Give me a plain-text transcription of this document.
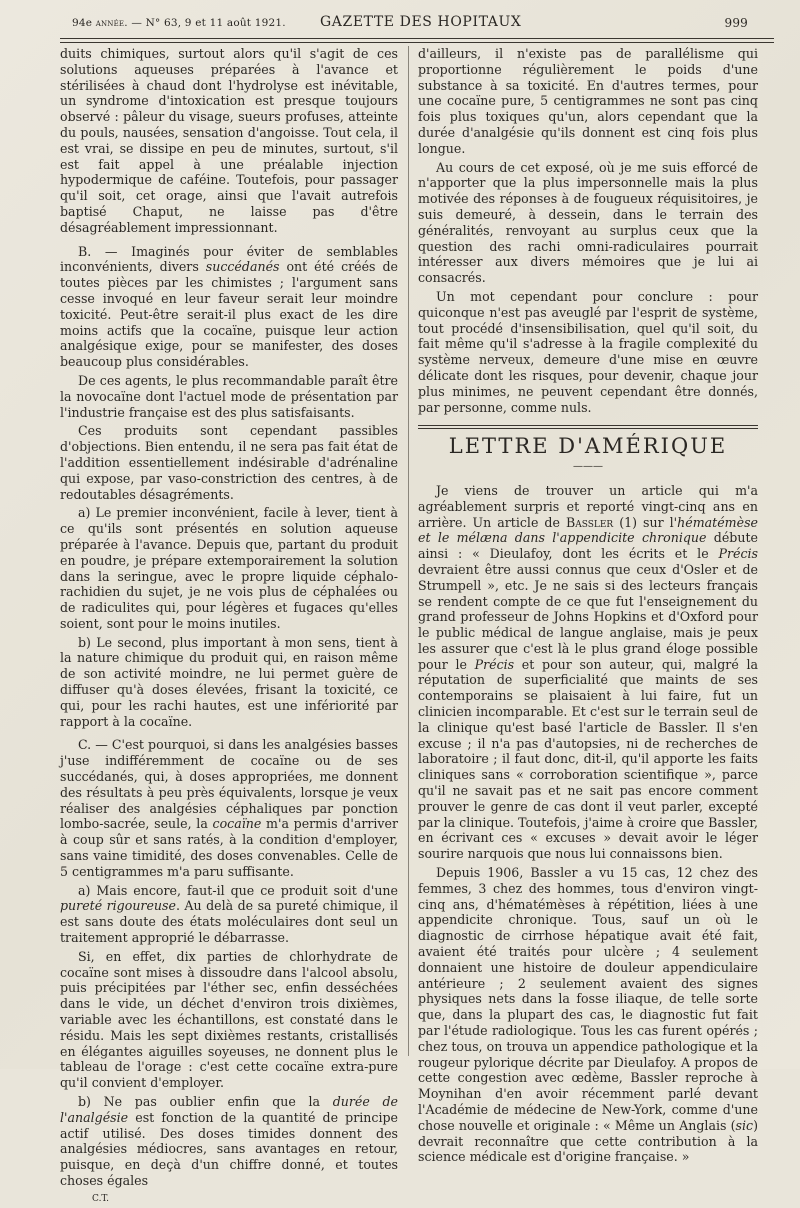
94e année. — N° 63, 9 et 11 août 1921. GAZETTE DES HOPITAUX	999

duits chimiques, surtout alors qu'il s'agit de ces solutions aqueuses préparées à l'avance et stérilisées à chaud dont l'hydrolyse est inévitable, un syndrome d'intoxication est presque toujours observé : pâleur du visage, sueurs profuses, atteinte du pouls, nausées, sensation d'angoisse. Tout cela, il est vrai, se dissipe en peu de minutes, surtout, s'il est fait appel à une préalable injection hypodermique de caféine. Toutefois, pour passager qu'il soit, cet orage, ainsi que l'avait autrefois baptisé Chaput, ne laisse pas d'être désagréablement impressionnant.

B. — Imaginés pour éviter de semblables inconvénients, divers succédanés ont été créés de toutes pièces par les chimistes ; l'argument sans cesse invoqué en leur faveur serait leur moindre toxicité. Peut-être serait-il plus exact de les dire moins actifs que la cocaïne, puisque leur action analgésique exige, pour se manifester, des doses beaucoup plus considérables.

De ces agents, le plus recommandable paraît être la novocaïne dont l'actuel mode de présentation par l'industrie française est des plus satisfaisants.

Ces produits sont cependant passibles d'objections. Bien entendu, il ne sera pas fait état de l'addition essentiellement indésirable d'adrénaline qui expose, par vaso-constriction des centres, à de redoutables désagréments.

a) Le premier inconvénient, facile à lever, tient à ce qu'ils sont présentés en solution aqueuse préparée à l'avance. Depuis que, partant du produit en poudre, je prépare extemporairement la solution dans la seringue, avec le propre liquide céphalo-rachidien du sujet, je ne vois plus de céphalées ou de radiculites qui, pour légères et fugaces qu'elles soient, sont pour le moins inutiles.

b) Le second, plus important à mon sens, tient à la nature chimique du produit qui, en raison même de son activité moindre, ne lui permet guère de diffuser qu'à doses élevées, frisant la toxicité, ce qui, pour les rachi hautes, est une infériorité par rapport à la cocaïne.

C. — C'est pourquoi, si dans les analgésies basses j'use indifféremment de cocaïne ou de ses succédanés, qui, à doses appropriées, me donnent des résultats à peu près équivalents, lorsque je veux réaliser des analgésies céphaliques par ponction lombo-sacrée, seule, la cocaïne m'a permis d'arriver à coup sûr et sans ratés, à la condition d'employer, sans vaine timidité, des doses convenables. Celle de 5 centigrammes m'a paru suffisante.

a) Mais encore, faut-il que ce produit soit d'une pureté rigoureuse. Au delà de sa pureté chimique, il est sans doute des états moléculaires dont seul un traitement approprié le débarrasse.

Si, en effet, dix parties de chlorhydrate de cocaïne sont mises à dissoudre dans l'alcool absolu, puis précipitées par l'éther sec, enfin desséchées dans le vide, un déchet d'environ trois dixièmes, variable avec les échantillons, est constaté dans le résidu. Mais les sept dixièmes restants, cristallisés en élégantes aiguilles soyeuses, ne donnent plus le tableau de l'orage : c'est cette cocaïne extra-pure qu'il convient d'employer.

b) Ne pas oublier enfin que la durée de l'analgésie est fonction de la quantité de principe actif utilisé. Des doses timides donnent des analgésies médiocres, sans avantages en retour, puisque, en deçà d'un chiffre donné, et toutes choses égales

C.T.

d'ailleurs, il n'existe pas de parallélisme qui proportionne régulièrement le poids d'une substance à sa toxicité. En d'autres termes, pour une cocaïne pure, 5 centigrammes ne sont pas cinq fois plus toxiques qu'un, alors cependant que la durée d'analgésie qu'ils donnent est cinq fois plus longue.

Au cours de cet exposé, où je me suis efforcé de n'apporter que la plus impersonnelle mais la plus motivée des réponses à de fougueux réquisitoires, je suis demeuré, à dessein, dans le terrain des généralités, renvoyant au surplus ceux que la question des rachi omni-radiculaires pourrait intéresser aux divers mémoires que je lui ai consacrés.

Un mot cependant pour conclure : pour quiconque n'est pas aveuglé par l'esprit de système, tout procédé d'insensibilisation, quel qu'il soit, du fait même qu'il s'adresse à la fragile complexité du système nerveux, demeure d'une mise en œuvre délicate dont les risques, pour devenir, chaque jour plus minimes, ne peuvent cependant être donnés, par personne, comme nuls.

LETTRE D'AMÉRIQUE
———

Je viens de trouver un article qui m'a agréablement surpris et reporté vingt-cinq ans en arrière. Un article de Bassler (1) sur l'hématémèse et le mélæna dans l'appendicite chronique débute ainsi : « Dieulafoy, dont les écrits et le Précis devraient être aussi connus que ceux d'Osler et de Strumpell », etc. Je ne sais si des lecteurs français se rendent compte de ce que fut l'enseignement du grand professeur de Johns Hopkins et d'Oxford pour le public médical de langue anglaise, mais je peux les assurer que c'est là le plus grand éloge possible pour le Précis et pour son auteur, qui, malgré la réputation de superficialité que maints de ses contemporains se plaisaient à lui faire, fut un clinicien incomparable. Et c'est sur le terrain seul de la clinique qu'est basé l'article de Bassler. Il s'en excuse ; il n'a pas d'autopsies, ni de recherches de laboratoire ; il faut donc, dit-il, qu'il apporte les faits cliniques sans « corroboration scientifique », parce qu'il ne savait pas et ne sait pas encore comment prouver le genre de cas dont il veut parler, excepté par la clinique. Toutefois, j'aime à croire que Bassler, en écrivant ces « excuses » devait avoir le léger sourire narquois que nous lui connaissons bien.

Depuis 1906, Bassler a vu 15 cas, 12 chez des femmes, 3 chez des hommes, tous d'environ vingt-cinq ans, d'hématémèses à répétition, liées à une appendicite chronique. Tous, sauf un où le diagnostic de cirrhose hépatique avait été fait, avaient été traités pour ulcère ; 4 seulement donnaient une histoire de douleur appendiculaire antérieure ; 2 seulement avaient des signes physiques nets dans la fosse iliaque, de telle sorte que, dans la plupart des cas, le diagnostic fut fait par l'étude radiologique. Tous les cas furent opérés ; chez tous, on trouva un appendice pathologique et la rougeur pylorique décrite par Dieulafoy. A propos de cette congestion avec œdème, Bassler reproche à Moynihan d'en avoir récemment parlé devant l'Académie de médecine de New-York, comme d'une chose nouvelle et originale : « Même un Anglais (sic) devrait reconnaître que cette contribution à la science médicale est d'origine française. »
